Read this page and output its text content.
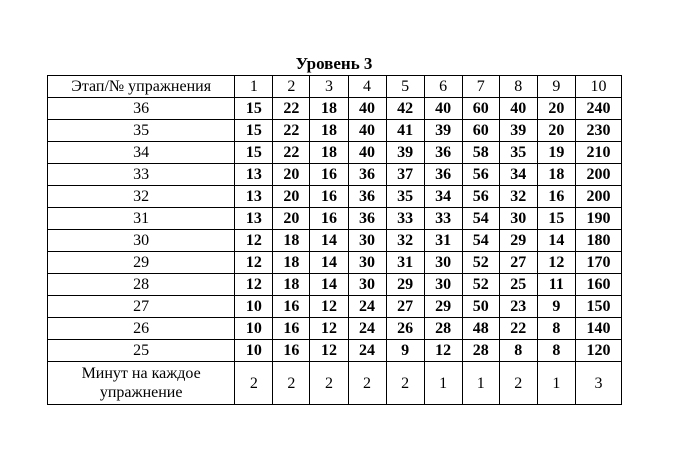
Уровень 3
Этап/№ упражнения	1	2	3	4	5	6	7	8	9	10
36	15	22	18	40	42	40	60	40	20	240
35	15	22	18	40	41	39	60	39	20	230
34	15	22	18	40	39	36	58	35	19	210
33	13	20	16	36	37	36	56	34	18	200
32	13	20	16	36	35	34	56	32	16	200
31	13	20	16	36	33	33	54	30	15	190
30	12	18	14	30	32	31	54	29	14	180
29	12	18	14	30	31	30	52	27	12	170
28	12	18	14	30	29	30	52	25	11	160
27	10	16	12	24	27	29	50	23	9	150
26	10	16	12	24	26	28	48	22	8	140
25	10	16	12	24	9	12	28	8	8	120
Минут на каждое упражнение	2	2	2	2	2	1	1	2	1	3
